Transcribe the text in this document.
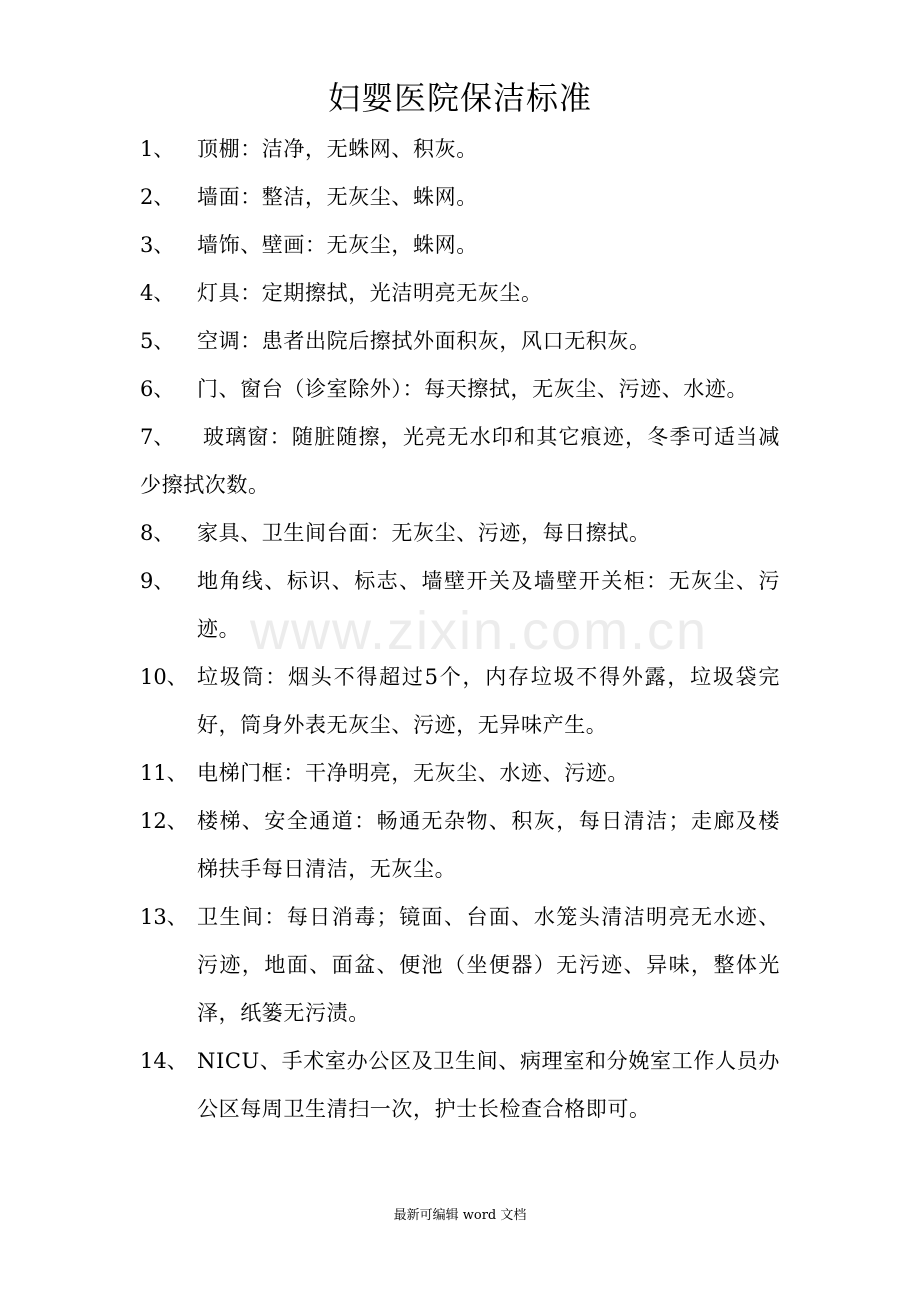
妇婴医院保洁标准
1、	顶棚：洁净，无蛛网、积灰。
2、	墙面：整洁，无灰尘、蛛网。
3、	墙饰、壁画：无灰尘，蛛网。
4、	灯具：定期擦拭，光洁明亮无灰尘。
5、	空调：患者出院后擦拭外面积灰，风口无积灰。
6、	门、窗台（诊室除外）：每天擦拭，无灰尘、污迹、水迹。
7、	玻璃窗：随脏随擦，光亮无水印和其它痕迹，冬季可适当减少擦拭次数。
8、	家具、卫生间台面：无灰尘、污迹，每日擦拭。
9、	地角线、标识、标志、墙壁开关及墙壁开关柜：无灰尘、污迹。
10、 垃圾筒：烟头不得超过5个，内存垃圾不得外露，垃圾袋完好，筒身外表无灰尘、污迹，无异味产生。
11、 电梯门框：干净明亮，无灰尘、水迹、污迹。
12、 楼梯、安全通道：畅通无杂物、积灰，每日清洁；走廊及楼梯扶手每日清洁，无灰尘。
13、 卫生间：每日消毒；镜面、台面、水笼头清洁明亮无水迹、污迹，地面、面盆、便池（坐便器）无污迹、异味，整体光泽，纸篓无污渍。
14、 NICU、手术室办公区及卫生间、病理室和分娩室工作人员办公区每周卫生清扫一次，护士长检查合格即可。
www.zixin.com.cn
最新可编辑 word 文档
